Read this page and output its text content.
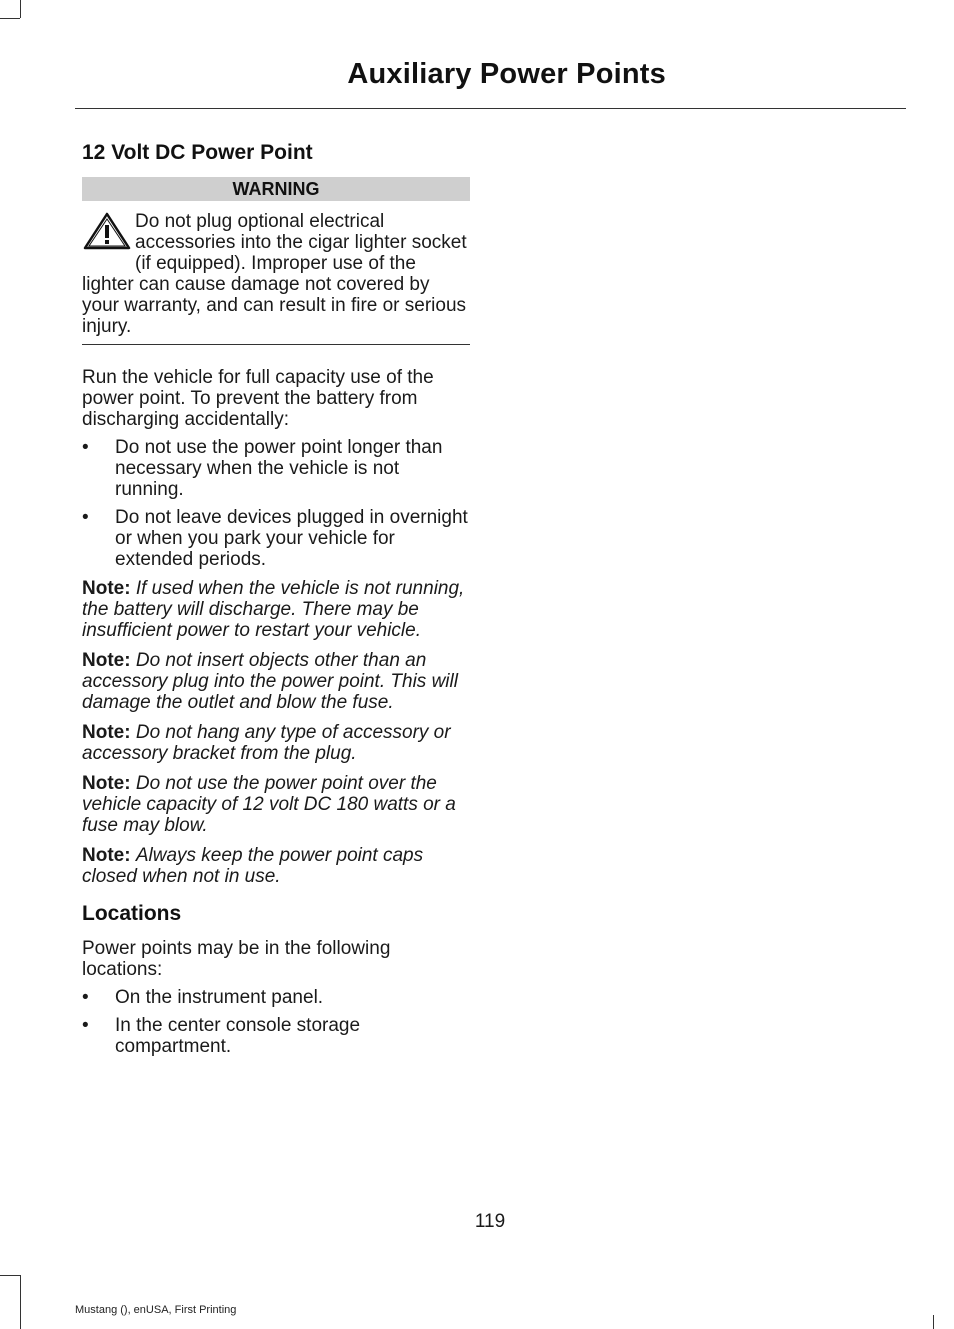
Auxiliary Power Points
12 Volt DC Power Point
WARNING
Do not plug optional electrical accessories into the cigar lighter socket (if equipped). Improper use of the lighter can cause damage not covered by your warranty, and can result in fire or serious injury.

Run the vehicle for full capacity use of the power point. To prevent the battery from discharging accidentally:

• Do not use the power point longer than necessary when the vehicle is not running.
• Do not leave devices plugged in overnight or when you park your vehicle for extended periods.

Note: If used when the vehicle is not running, the battery will discharge. There may be insufficient power to restart your vehicle.

Note: Do not insert objects other than an accessory plug into the power point. This will damage the outlet and blow the fuse.

Note: Do not hang any type of accessory or accessory bracket from the plug.

Note: Do not use the power point over the vehicle capacity of 12 volt DC 180 watts or a fuse may blow.

Note: Always keep the power point caps closed when not in use.

Locations

Power points may be in the following locations:

• On the instrument panel.
• In the center console storage compartment.
119
Mustang (), enUSA, First Printing
